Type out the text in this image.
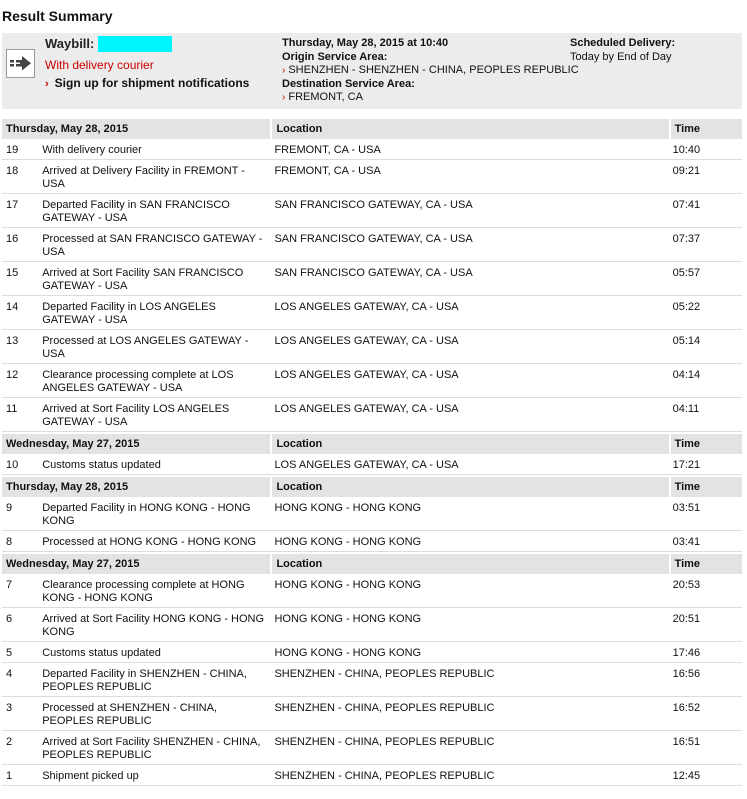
Result Summary
Waybill:
With delivery courier
› Sign up for shipment notifications
Thursday, May 28, 2015 at 10:40
Origin Service Area:
› SHENZHEN - SHENZHEN - CHINA, PEOPLES REPUBLIC
Destination Service Area:
› FREMONT, CA
Scheduled Delivery:
Today by End of Day
Thursday, May 28, 2015		Location	Time
19	With delivery courier	FREMONT, CA - USA	10:40
18	Arrived at Delivery Facility in FREMONT - USA	FREMONT, CA - USA	09:21
17	Departed Facility in SAN FRANCISCO GATEWAY - USA	SAN FRANCISCO GATEWAY, CA - USA	07:41
16	Processed at SAN FRANCISCO GATEWAY - USA	SAN FRANCISCO GATEWAY, CA - USA	07:37
15	Arrived at Sort Facility SAN FRANCISCO GATEWAY - USA	SAN FRANCISCO GATEWAY, CA - USA	05:57
14	Departed Facility in LOS ANGELES GATEWAY - USA	LOS ANGELES GATEWAY, CA - USA	05:22
13	Processed at LOS ANGELES GATEWAY - USA	LOS ANGELES GATEWAY, CA - USA	05:14
12	Clearance processing complete at LOS ANGELES GATEWAY - USA	LOS ANGELES GATEWAY, CA - USA	04:14
11	Arrived at Sort Facility LOS ANGELES GATEWAY - USA	LOS ANGELES GATEWAY, CA - USA	04:11
Wednesday, May 27, 2015		Location	Time
10	Customs status updated	LOS ANGELES GATEWAY, CA - USA	17:21
Thursday, May 28, 2015		Location	Time
9	Departed Facility in HONG KONG - HONG KONG	HONG KONG - HONG KONG	03:51
8	Processed at HONG KONG - HONG KONG	HONG KONG - HONG KONG	03:41
Wednesday, May 27, 2015		Location	Time
7	Clearance processing complete at HONG KONG - HONG KONG	HONG KONG - HONG KONG	20:53
6	Arrived at Sort Facility HONG KONG - HONG KONG	HONG KONG - HONG KONG	20:51
5	Customs status updated	HONG KONG - HONG KONG	17:46
4	Departed Facility in SHENZHEN - CHINA, PEOPLES REPUBLIC	SHENZHEN - CHINA, PEOPLES REPUBLIC	16:56
3	Processed at SHENZHEN - CHINA, PEOPLES REPUBLIC	SHENZHEN - CHINA, PEOPLES REPUBLIC	16:52
2	Arrived at Sort Facility SHENZHEN - CHINA, PEOPLES REPUBLIC	SHENZHEN - CHINA, PEOPLES REPUBLIC	16:51
1	Shipment picked up	SHENZHEN - CHINA, PEOPLES REPUBLIC	12:45
